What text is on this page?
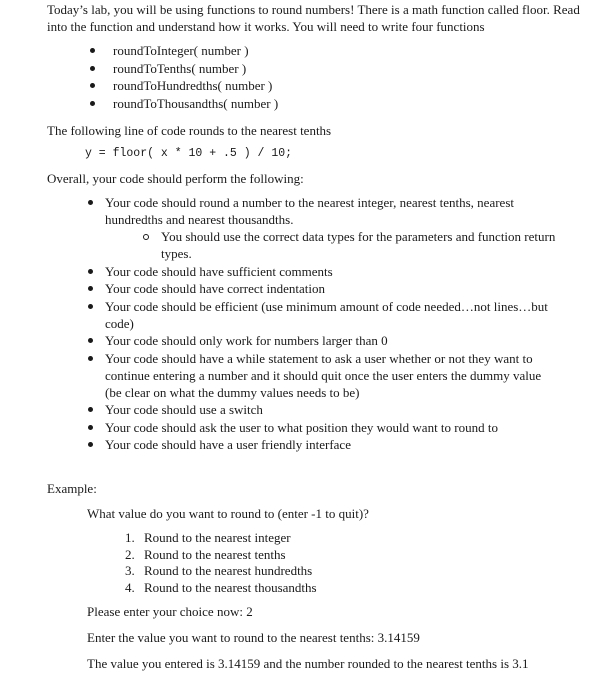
Today’s lab, you will be using functions to round numbers! There is a math function called floor. Read into the function and understand how it works. You will need to write four functions

roundToInteger( number )
roundToTenths( number )
roundToHundredths( number )
roundToThousandths( number )

The following line of code rounds to the nearest tenths

y = floor( x * 10 + .5 ) / 10;

Overall, your code should perform the following:

Your code should round a number to the nearest integer, nearest tenths, nearest hundredths and nearest thousandths.
You should use the correct data types for the parameters and function return types.
Your code should have sufficient comments
Your code should have correct indentation
Your code should be efficient (use minimum amount of code needed…not lines…but code)
Your code should only work for numbers larger than 0
Your code should have a while statement to ask a user whether or not they want to continue entering a number and it should quit once the user enters the dummy value (be clear on what the dummy values needs to be)
Your code should use a switch
Your code should ask the user to what position they would want to round to
Your code should have a user friendly interface

Example:

What value do you want to round to (enter -1 to quit)?

1. Round to the nearest integer
2. Round to the nearest tenths
3. Round to the nearest hundredths
4. Round to the nearest thousandths

Please enter your choice now: 2

Enter the value you want to round to the nearest tenths: 3.14159

The value you entered is 3.14159 and the number rounded to the nearest tenths is 3.1
